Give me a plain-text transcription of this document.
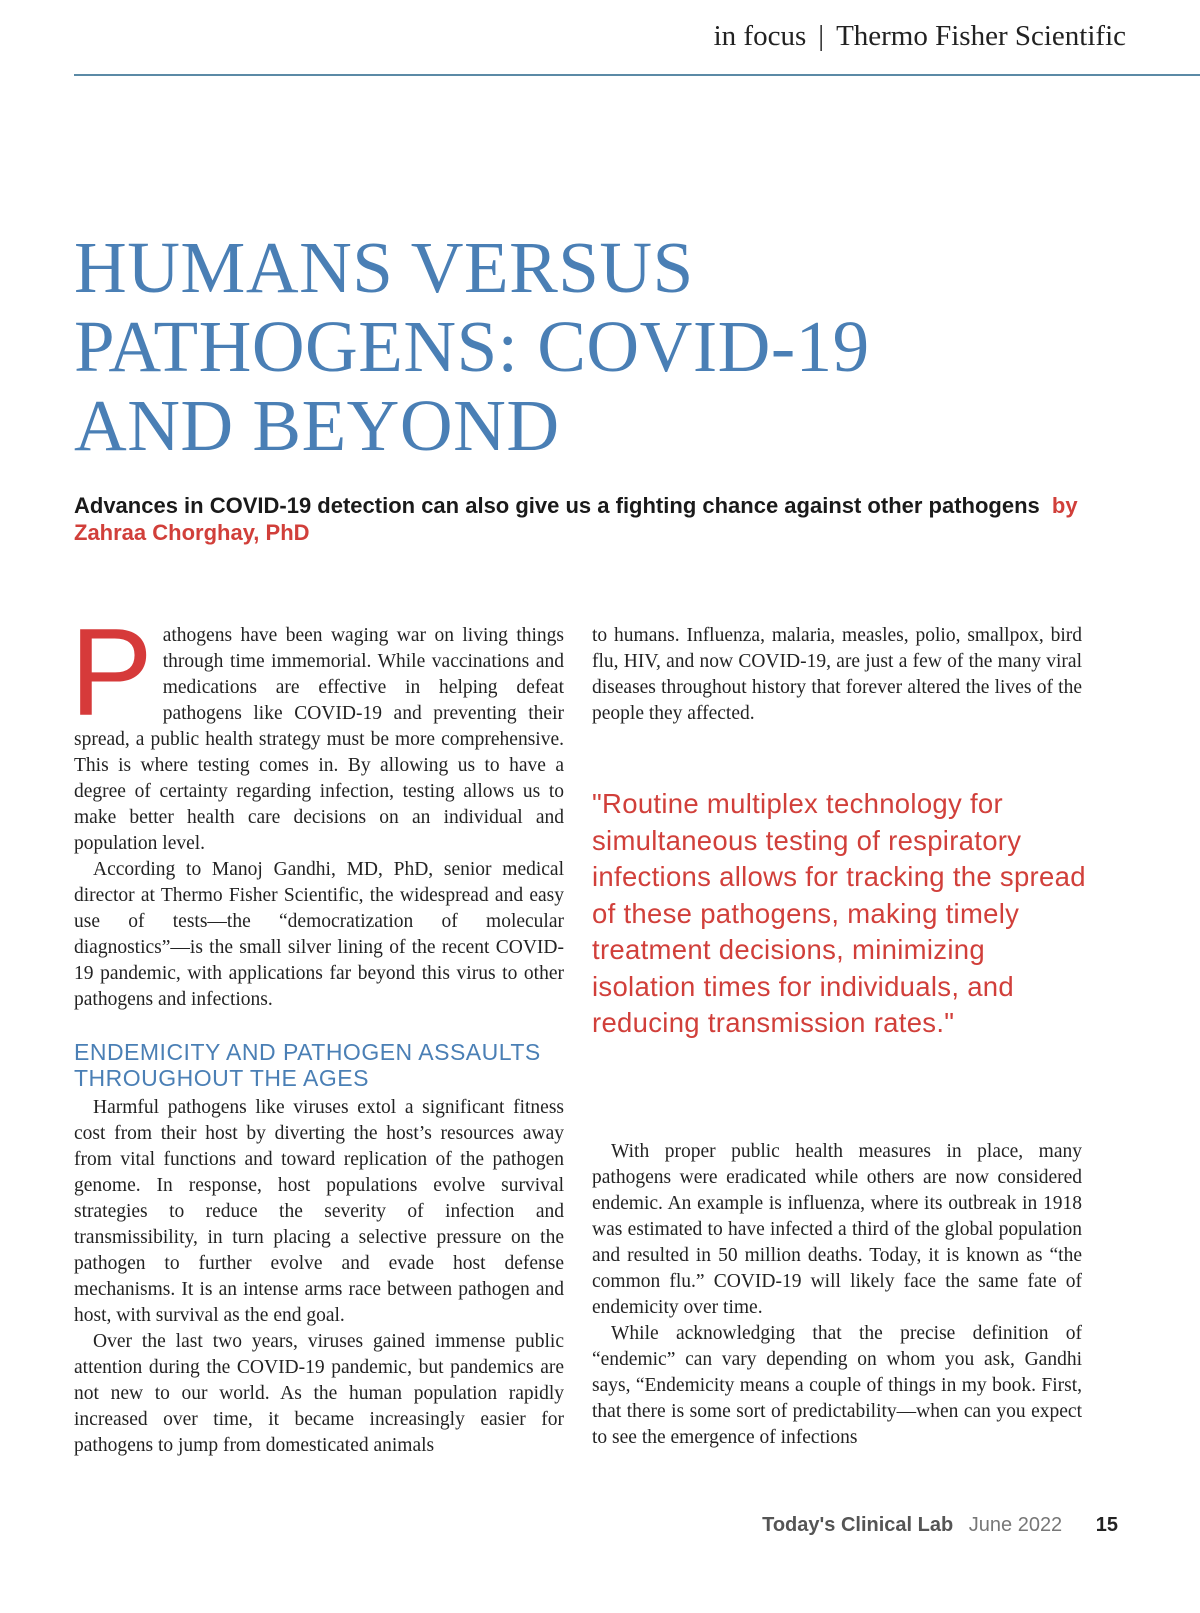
in focus | Thermo Fisher Scientific
HUMANS VERSUS
PATHOGENS: COVID-19
AND BEYOND
Advances in COVID-19 detection can also give us a fighting chance against other pathogens by Zahraa Chorghay, PhD

Pathogens have been waging war on living things through time immemorial. While vaccinations and medications are effective in helping defeat pathogens like COVID-19 and preventing their spread, a public health strategy must be more comprehensive. This is where testing comes in. By allowing us to have a degree of certainty regarding infection, testing allows us to make better health care decisions on an individual and population level.

According to Manoj Gandhi, MD, PhD, senior medical director at Thermo Fisher Scientific, the widespread and easy use of tests—the “democratization of molecular diagnostics”—is the small silver lining of the recent COVID-19 pandemic, with applications far beyond this virus to other pathogens and infections.

ENDEMICITY AND PATHOGEN ASSAULTS THROUGHOUT THE AGES

Harmful pathogens like viruses extol a significant fitness cost from their host by diverting the host’s resources away from vital functions and toward replication of the pathogen genome. In response, host populations evolve survival strategies to reduce the severity of infection and transmissibility, in turn placing a selective pressure on the pathogen to further evolve and evade host defense mechanisms. It is an intense arms race between pathogen and host, with survival as the end goal.

Over the last two years, viruses gained immense public attention during the COVID-19 pandemic, but pandemics are not new to our world. As the human population rapidly increased over time, it became increasingly easier for pathogens to jump from domesticated animals

to humans. Influenza, malaria, measles, polio, smallpox, bird flu, HIV, and now COVID-19, are just a few of the many viral diseases throughout history that forever altered the lives of the people they affected.

"Routine multiplex technology for simultaneous testing of respiratory infections allows for tracking the spread of these pathogens, making timely treatment decisions, minimizing isolation times for individuals, and reducing transmission rates."

With proper public health measures in place, many pathogens were eradicated while others are now considered endemic. An example is influenza, where its outbreak in 1918 was estimated to have infected a third of the global population and resulted in 50 million deaths. Today, it is known as “the common flu.” COVID-19 will likely face the same fate of endemicity over time.

While acknowledging that the precise definition of “endemic” can vary depending on whom you ask, Gandhi says, “Endemicity means a couple of things in my book. First, that there is some sort of predictability—when can you expect to see the emergence of infections

Today's Clinical Lab June 2022 15
